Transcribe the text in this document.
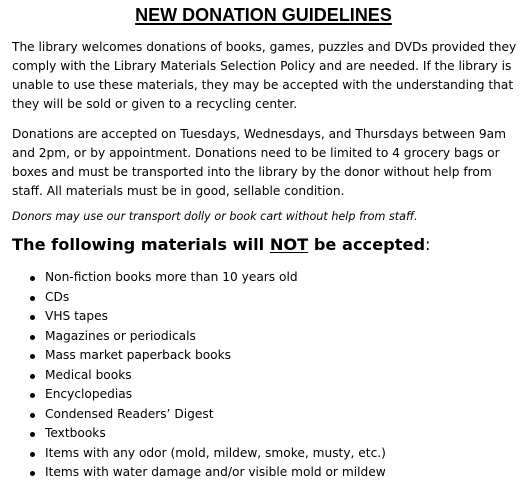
NEW DONATION GUIDELINES

The library welcomes donations of books, games, puzzles and DVDs provided they comply with the Library Materials Selection Policy and are needed. If the library is unable to use these materials, they may be accepted with the understanding that they will be sold or given to a recycling center.

Donations are accepted on Tuesdays, Wednesdays, and Thursdays between 9am and 2pm, or by appointment. Donations need to be limited to 4 grocery bags or boxes and must be transported into the library by the donor without help from staff. All materials must be in good, sellable condition.

Donors may use our transport dolly or book cart without help from staff.

The following materials will NOT be accepted:
Non-fiction books more than 10 years old
CDs
VHS tapes
Magazines or periodicals
Mass market paperback books
Medical books
Encyclopedias
Condensed Readers’ Digest
Textbooks
Items with any odor (mold, mildew, smoke, musty, etc.)
Items with water damage and/or visible mold or mildew
